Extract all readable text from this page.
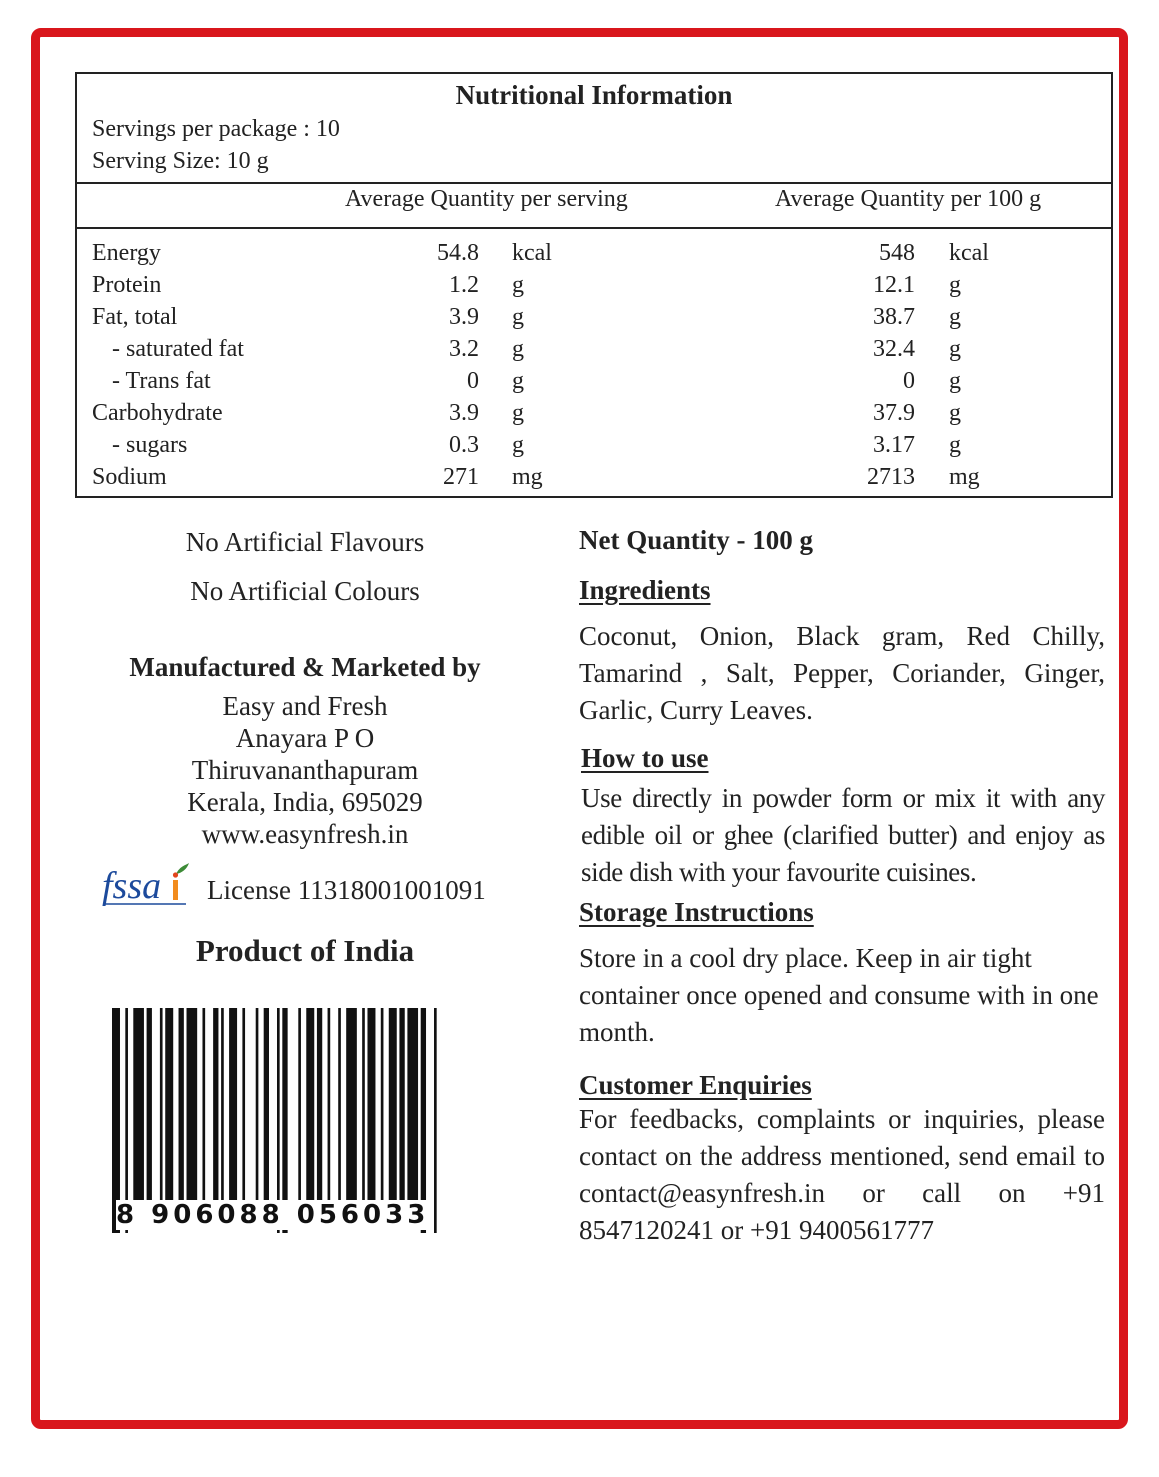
Nutritional Information
Servings per package : 10
Serving Size: 10 g
Average Quantity per serving	Average Quantity per 100 g
Energy	54.8 kcal	548 kcal
Protein	1.2 g	12.1 g
Fat, total	3.9 g	38.7 g
- saturated fat	3.2 g	32.4 g
- Trans fat	0 g	0 g
Carbohydrate	3.9 g	37.9 g
- sugars	0.3 g	3.17 g
Sodium	271 mg	2713 mg
No Artificial Flavours
No Artificial Colours
Manufactured & Marketed by
Easy and Fresh
Anayara P O
Thiruvananthapuram
Kerala, India, 695029
www.easynfresh.in
fssa License 11318001001091
Product of India
8 906088 056033
Net Quantity - 100 g
Ingredients
Coconut, Onion, Black gram, Red Chilly, Tamarind , Salt, Pepper, Coriander, Ginger, Garlic, Curry Leaves.
How to use
Use directly in powder form or mix it with any edible oil or ghee (clarified butter) and enjoy as side dish with your favourite cuisines.
Storage Instructions
Store in a cool dry place. Keep in air tight container once opened and consume with in one month.
Customer Enquiries
For feedbacks, complaints or inquiries, please contact on the address mentioned, send email to contact@easynfresh.in or call on +91 8547120241 or +91 9400561777
